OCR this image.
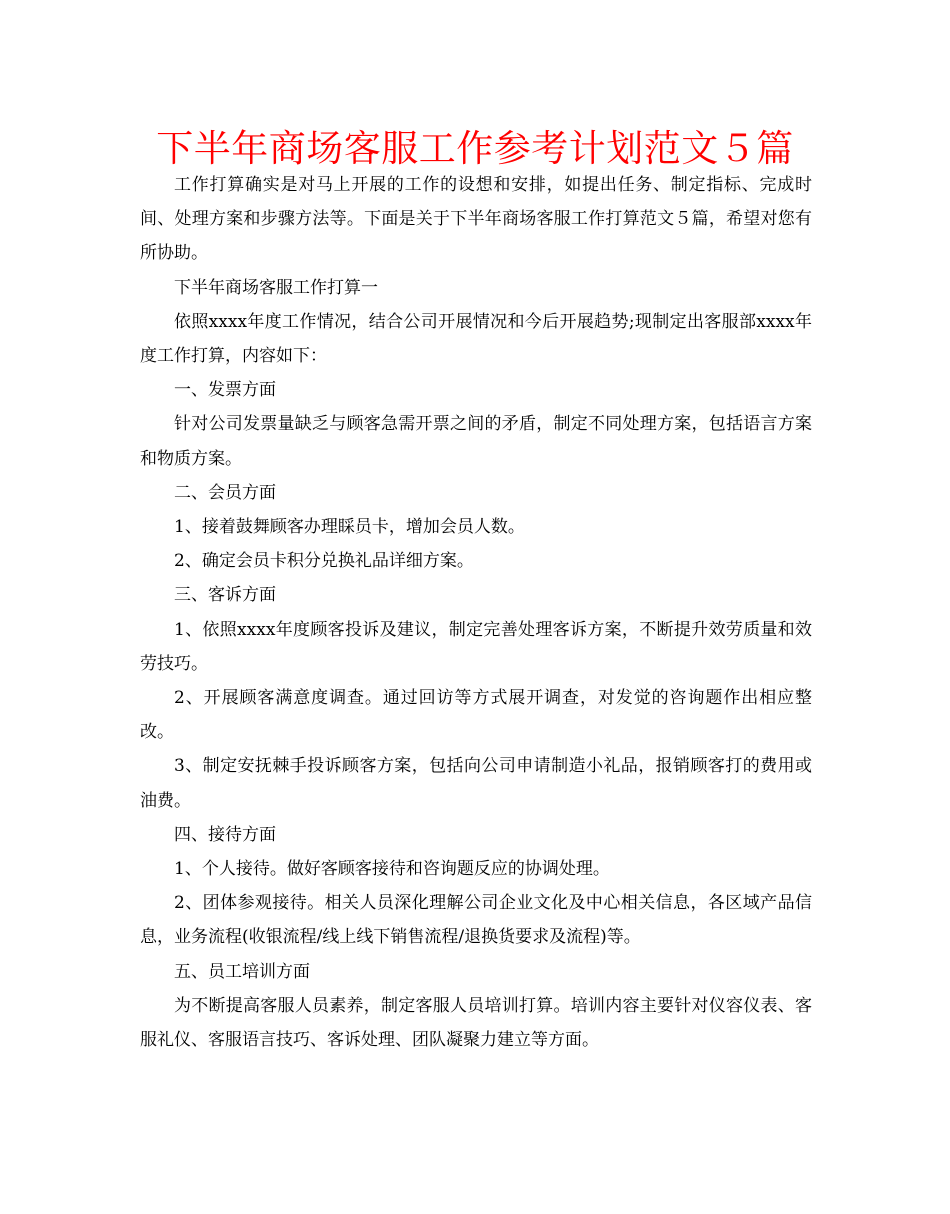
下半年商场客服工作参考计划范文５篇

工作打算确实是对马上开展的工作的设想和安排，如提出任务、制定指标、完成时间、处理方案和步骤方法等。下面是关于下半年商场客服工作打算范文５篇，希望对您有所协助。

下半年商场客服工作打算一

依照xxxx年度工作情况，结合公司开展情况和今后开展趋势;现制定出客服部xxxx年度工作打算，内容如下：

一、发票方面

针对公司发票量缺乏与顾客急需开票之间的矛盾，制定不同处理方案，包括语言方案和物质方案。

二、会员方面

1、接着鼓舞顾客办理睬员卡，增加会员人数。

2、确定会员卡积分兑换礼品详细方案。

三、客诉方面

1、依照xxxx年度顾客投诉及建议，制定完善处理客诉方案，不断提升效劳质量和效劳技巧。

2、开展顾客满意度调查。通过回访等方式展开调查，对发觉的咨询题作出相应整改。

3、制定安抚棘手投诉顾客方案，包括向公司申请制造小礼品，报销顾客打的费用或油费。

四、接待方面

1、个人接待。做好客顾客接待和咨询题反应的协调处理。

2、团体参观接待。相关人员深化理解公司企业文化及中心相关信息，各区域产品信息，业务流程(收银流程/线上线下销售流程/退换货要求及流程)等。

五、员工培训方面

为不断提高客服人员素养，制定客服人员培训打算。培训内容主要针对仪容仪表、客服礼仪、客服语言技巧、客诉处理、团队凝聚力建立等方面。
